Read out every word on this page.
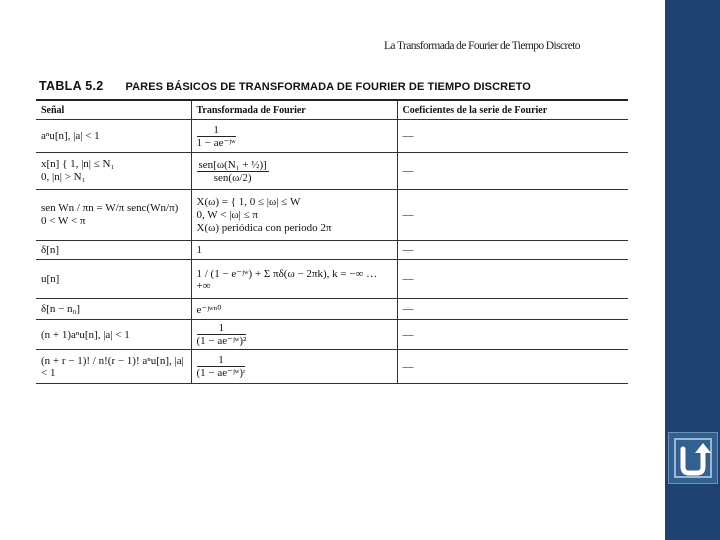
La Transformada de Fourier de Tiempo Discreto
TABLA 5.2 PARES BÁSICOS DE TRANSFORMADA DE FOURIER DE TIEMPO DISCRETO
Señal	Transformada de Fourier	Coeficientes de la serie de Fourier
aⁿu[n], |a| < 1	$\frac{1}{\text{1 − ae⁻ʲʷ}}$	—

x[n] { 1, |n| ≤ N₁
0, |n| > N₁	$\frac{\text{sen[ω(N₁ + ½)]}}{\text{sen(ω/2)}}$	—

sen Wn / πn = W/π senc(Wn/π)
0 < W < π	X(ω) = { 1, 0 ≤ |ω| ≤ W
0, W < |ω| ≤ π
X(ω) periódica con periodo 2π	—
δ[n]	1	—
u[n]	1 / (1 − e⁻ʲʷ) + Σ πδ(ω − 2πk), k = −∞ … +∞	—
δ[n − n₀]	e⁻ʲʷⁿ⁰	—
(n + 1)aⁿu[n], |a| < 1	$\frac{1}{\text{(1 − ae⁻ʲʷ)²}}$	—
(n + r − 1)! / n!(r − 1)! aⁿu[n], |a| < 1	$\frac{1}{\text{(1 − ae⁻ʲʷ)ʳ}}$	—
